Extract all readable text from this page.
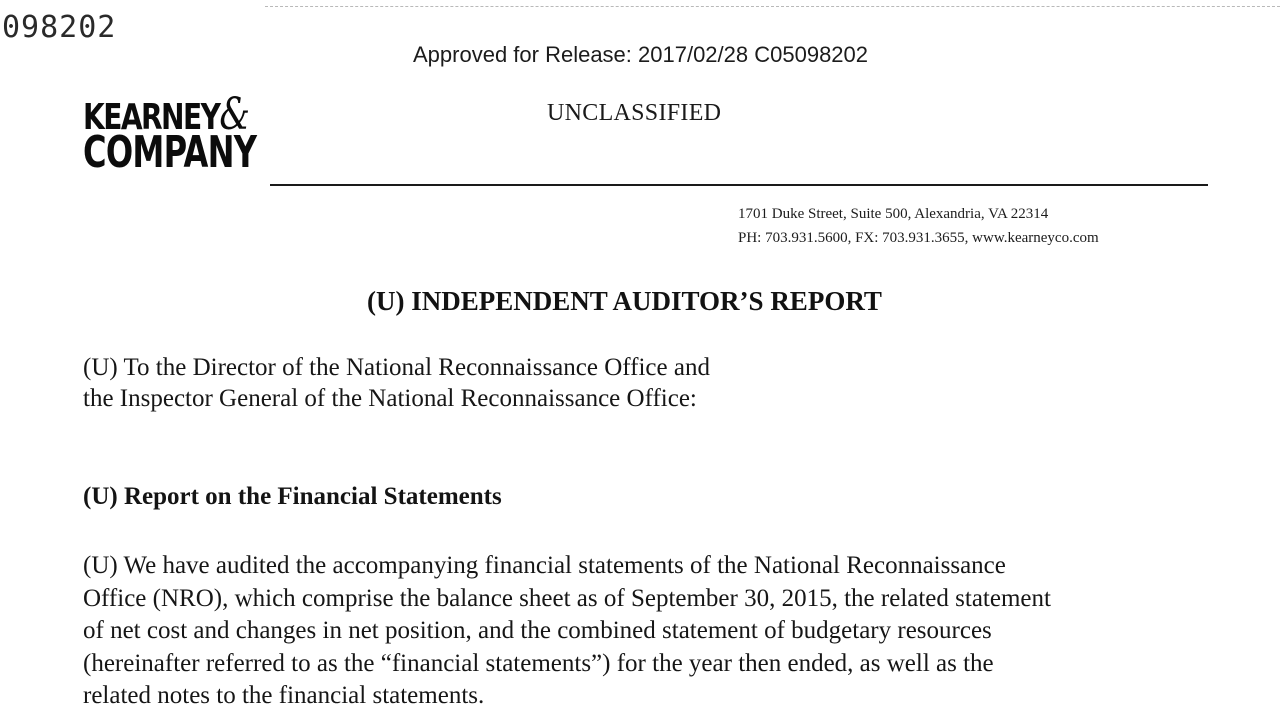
098202
Approved for Release: 2017/02/28 C05098202
KEARNEY&
COMPANY
UNCLASSIFIED
1701 Duke Street, Suite 500, Alexandria, VA 22314
PH: 703.931.5600, FX: 703.931.3655, www.kearneyco.com
(U) INDEPENDENT AUDITOR’S REPORT
(U) To the Director of the National Reconnaissance Office and
the Inspector General of the National Reconnaissance Office:
(U) Report on the Financial Statements
(U) We have audited the accompanying financial statements of the National Reconnaissance
Office (NRO), which comprise the balance sheet as of September 30, 2015, the related statement
of net cost and changes in net position, and the combined statement of budgetary resources
(hereinafter referred to as the “financial statements”) for the year then ended, as well as the
related notes to the financial statements.
